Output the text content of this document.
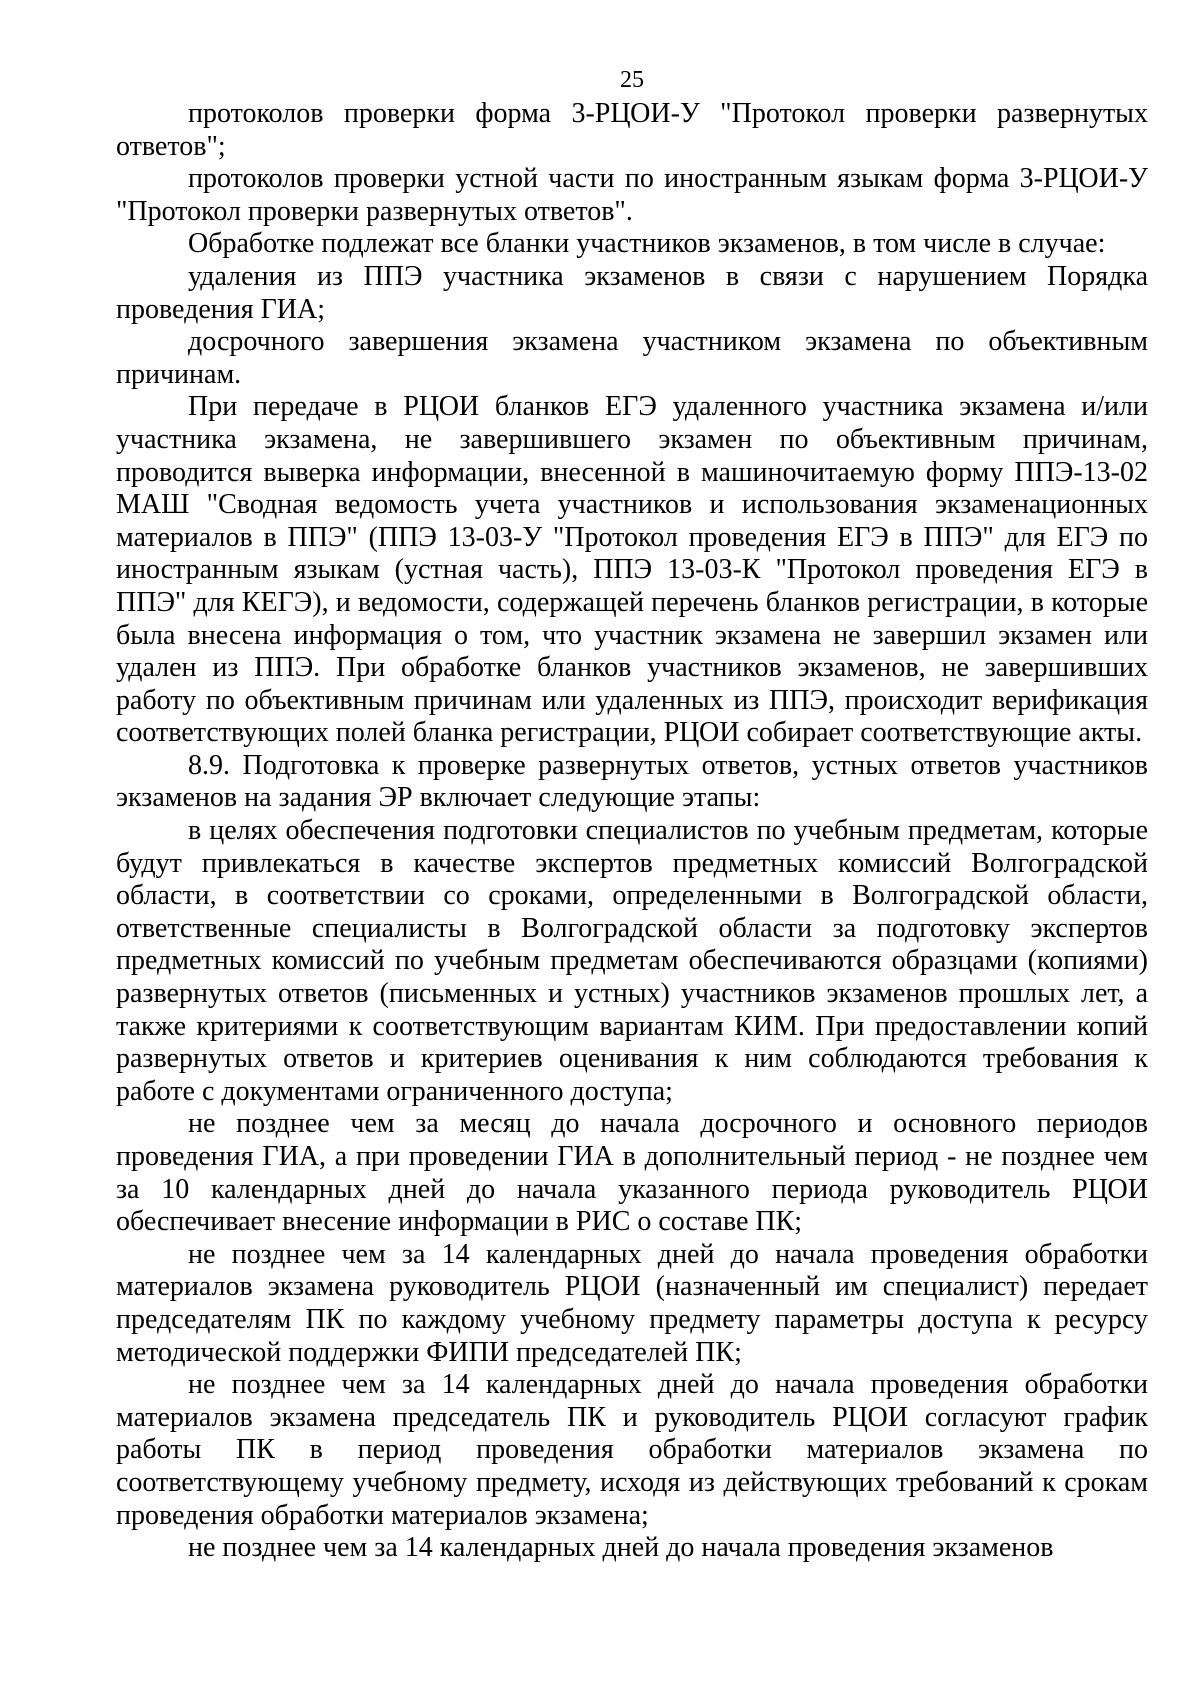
25

протоколов проверки форма 3-РЦОИ-У "Протокол проверки развернутых ответов";

протоколов проверки устной части по иностранным языкам форма 3-РЦОИ-У "Протокол проверки развернутых ответов".

Обработке подлежат все бланки участников экзаменов, в том числе в случае:

удаления из ППЭ участника экзаменов в связи с нарушением Порядка проведения ГИА;

досрочного завершения экзамена участником экзамена по объективным причинам.

При передаче в РЦОИ бланков ЕГЭ удаленного участника экзамена и/или участника экзамена, не завершившего экзамен по объективным причинам, проводится выверка информации, внесенной в машиночитаемую форму ППЭ-13-02 МАШ "Сводная ведомость учета участников и использования экзаменационных материалов в ППЭ" (ППЭ 13-03-У "Протокол проведения ЕГЭ в ППЭ" для ЕГЭ по иностранным языкам (устная часть), ППЭ 13-03-К "Протокол проведения ЕГЭ в ППЭ" для КЕГЭ), и ведомости, содержащей перечень бланков регистрации, в которые была внесена информация о том, что участник экзамена не завершил экзамен или удален из ППЭ. При обработке бланков участников экзаменов, не завершивших работу по объективным причинам или удаленных из ППЭ, происходит верификация соответствующих полей бланка регистрации, РЦОИ собирает соответствующие акты.

8.9. Подготовка к проверке развернутых ответов, устных ответов участников экзаменов на задания ЭР включает следующие этапы:

в целях обеспечения подготовки специалистов по учебным предметам, которые будут привлекаться в качестве экспертов предметных комиссий Волгоградской области, в соответствии со сроками, определенными в Волгоградской области, ответственные специалисты в Волгоградской области за подготовку экспертов предметных комиссий по учебным предметам обеспечиваются образцами (копиями) развернутых ответов (письменных и устных) участников экзаменов прошлых лет, а также критериями к соответствующим вариантам КИМ. При предоставлении копий развернутых ответов и критериев оценивания к ним соблюдаются требования к работе с документами ограниченного доступа;

не позднее чем за месяц до начала досрочного и основного периодов проведения ГИА, а при проведении ГИА в дополнительный период - не позднее чем за 10 календарных дней до начала указанного периода руководитель РЦОИ обеспечивает внесение информации в РИС о составе ПК;

не позднее чем за 14 календарных дней до начала проведения обработки материалов экзамена руководитель РЦОИ (назначенный им специалист) передает председателям ПК по каждому учебному предмету параметры доступа к ресурсу методической поддержки ФИПИ председателей ПК;

не позднее чем за 14 календарных дней до начала проведения обработки материалов экзамена председатель ПК и руководитель РЦОИ согласуют график работы ПК в период проведения обработки материалов экзамена по соответствующему учебному предмету, исходя из действующих требований к срокам проведения обработки материалов экзамена;

не позднее чем за 14 календарных дней до начала проведения экзаменов
